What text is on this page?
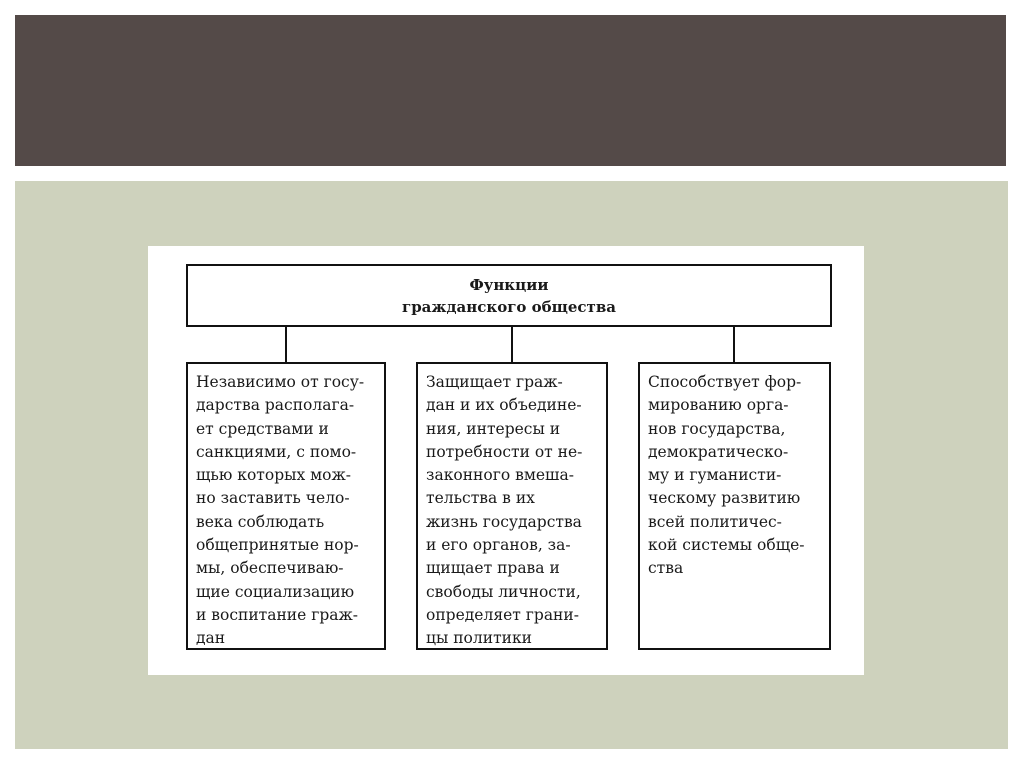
Функции
гражданского общества
Независимо от госу-
дарства располага-
ет средствами и
санкциями, с помо-
щью которых мож-
но заставить чело-
века соблюдать
общепринятые нор-
мы, обеспечиваю-
щие социализацию
и воспитание граж-
дан
Защищает граж-
дан и их объедине-
ния, интересы и
потребности от не-
законного вмеша-
тельства в их
жизнь государства
и его органов, за-
щищает права и
свободы личности,
определяет грани-
цы политики
Способствует фор-
мированию орга-
нов государства,
демократическо-
му и гуманисти-
ческому развитию
всей политичес-
кой системы обще-
ства
